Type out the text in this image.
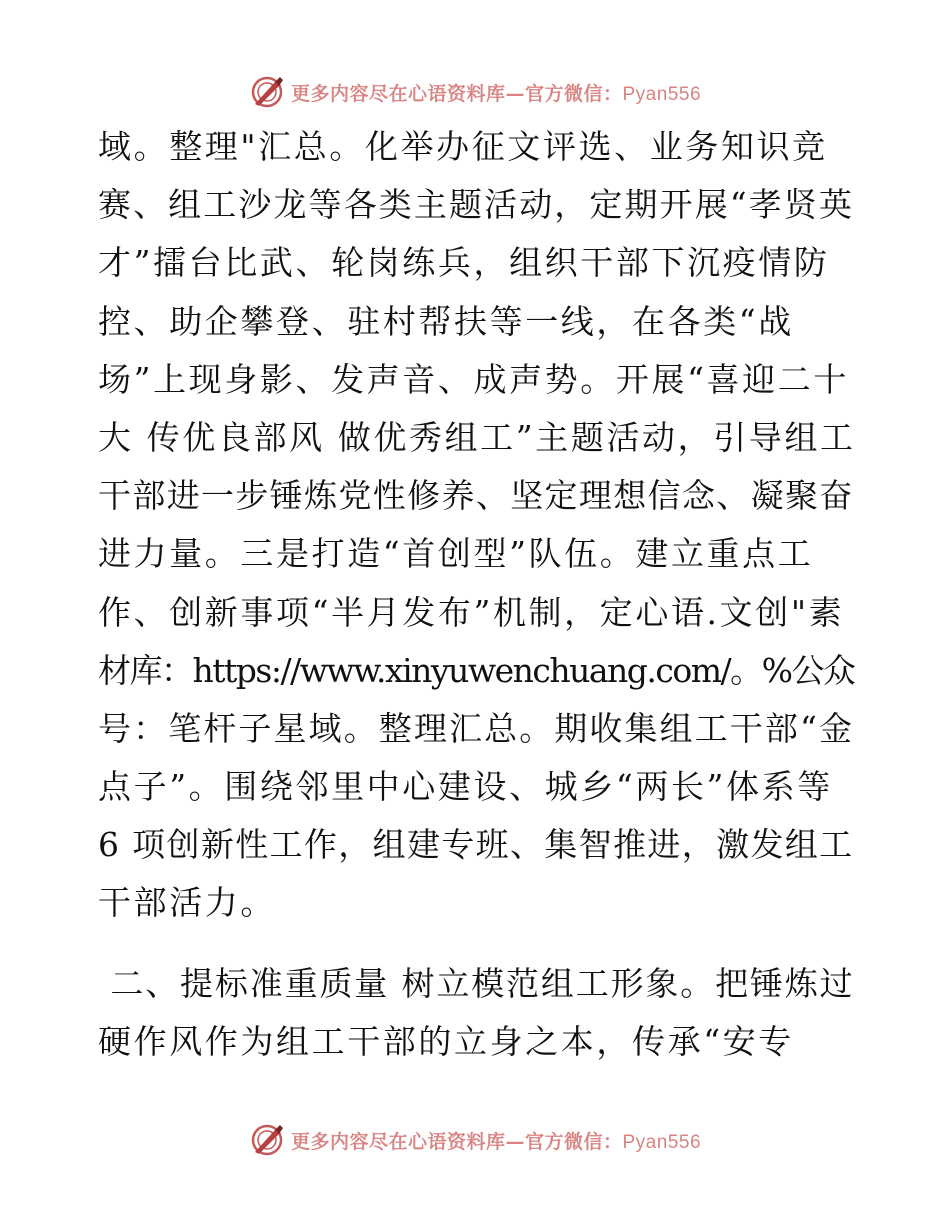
更多内容尽在心语资料库—官方微信：Pyan556
域。整理"汇总。化举办征文评选、业务知识竞
赛、组工沙龙等各类主题活动，定期开展“孝贤英
才”擂台比武、轮岗练兵，组织干部下沉疫情防
控、助企攀登、驻村帮扶等一线，在各类“战
场”上现身影、发声音、成声势。开展“喜迎二十
大 传优良部风 做优秀组工”主题活动，引导组工
干部进一步锤炼党性修养、坚定理想信念、凝聚奋
进力量。三是打造“首创型”队伍。建立重点工
作、创新事项“半月发布”机制，定心语.文创"素
材库：https://www.xinyuwenchuang.com/。%公众
号：笔杆子星域。整理汇总。期收集组工干部“金
点子”。围绕邻里中心建设、城乡“两长”体系等
6 项创新性工作，组建专班、集智推进，激发组工
干部活力。
二、提标准重质量 树立模范组工形象。把锤炼过
硬作风作为组工干部的立身之本，传承“安专
更多内容尽在心语资料库—官方微信：Pyan556
